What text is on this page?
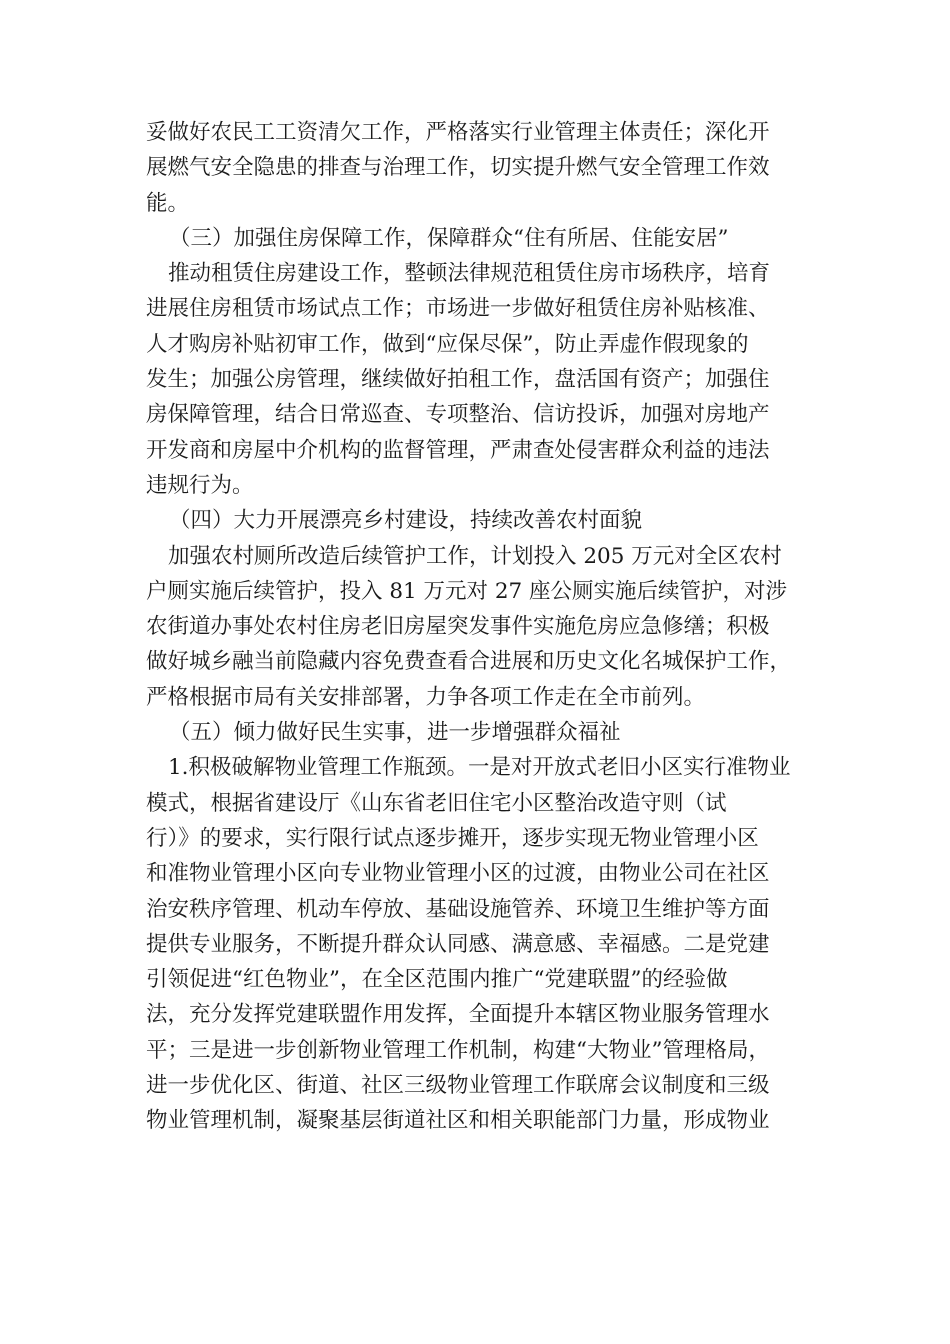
妥做好农民工工资清欠工作，严格落实行业管理主体责任；深化开
展燃气安全隐患的排查与治理工作，切实提升燃气安全管理工作效
能。

（三）加强住房保障工作，保障群众“住有所居、住能安居”

推动租赁住房建设工作，整顿法律规范租赁住房市场秩序，培育
进展住房租赁市场试点工作；市场进一步做好租赁住房补贴核准、
人才购房补贴初审工作，做到“应保尽保”，防止弄虚作假现象的
发生；加强公房管理，继续做好拍租工作，盘活国有资产；加强住
房保障管理，结合日常巡查、专项整治、信访投诉，加强对房地产
开发商和房屋中介机构的监督管理，严肃查处侵害群众利益的违法
违规行为。

（四）大力开展漂亮乡村建设，持续改善农村面貌

加强农村厕所改造后续管护工作，计划投入 205 万元对全区农村
户厕实施后续管护，投入 81 万元对 27 座公厕实施后续管护，对涉
农街道办事处农村住房老旧房屋突发事件实施危房应急修缮；积极
做好城乡融当前隐藏内容免费查看合进展和历史文化名城保护工作，
严格根据市局有关安排部署，力争各项工作走在全市前列。

（五）倾力做好民生实事，进一步增强群众福祉

1.积极破解物业管理工作瓶颈。一是对开放式老旧小区实行准物业
模式，根据省建设厅《山东省老旧住宅小区整治改造守则（试
行）》的要求，实行限行试点逐步摊开，逐步实现无物业管理小区
和准物业管理小区向专业物业管理小区的过渡，由物业公司在社区
治安秩序管理、机动车停放、基础设施管养、环境卫生维护等方面
提供专业服务，不断提升群众认同感、满意感、幸福感。二是党建
引领促进“红色物业”，在全区范围内推广“党建联盟”的经验做
法，充分发挥党建联盟作用发挥，全面提升本辖区物业服务管理水
平；三是进一步创新物业管理工作机制，构建“大物业”管理格局，
进一步优化区、街道、社区三级物业管理工作联席会议制度和三级
物业管理机制，凝聚基层街道社区和相关职能部门力量，形成物业
